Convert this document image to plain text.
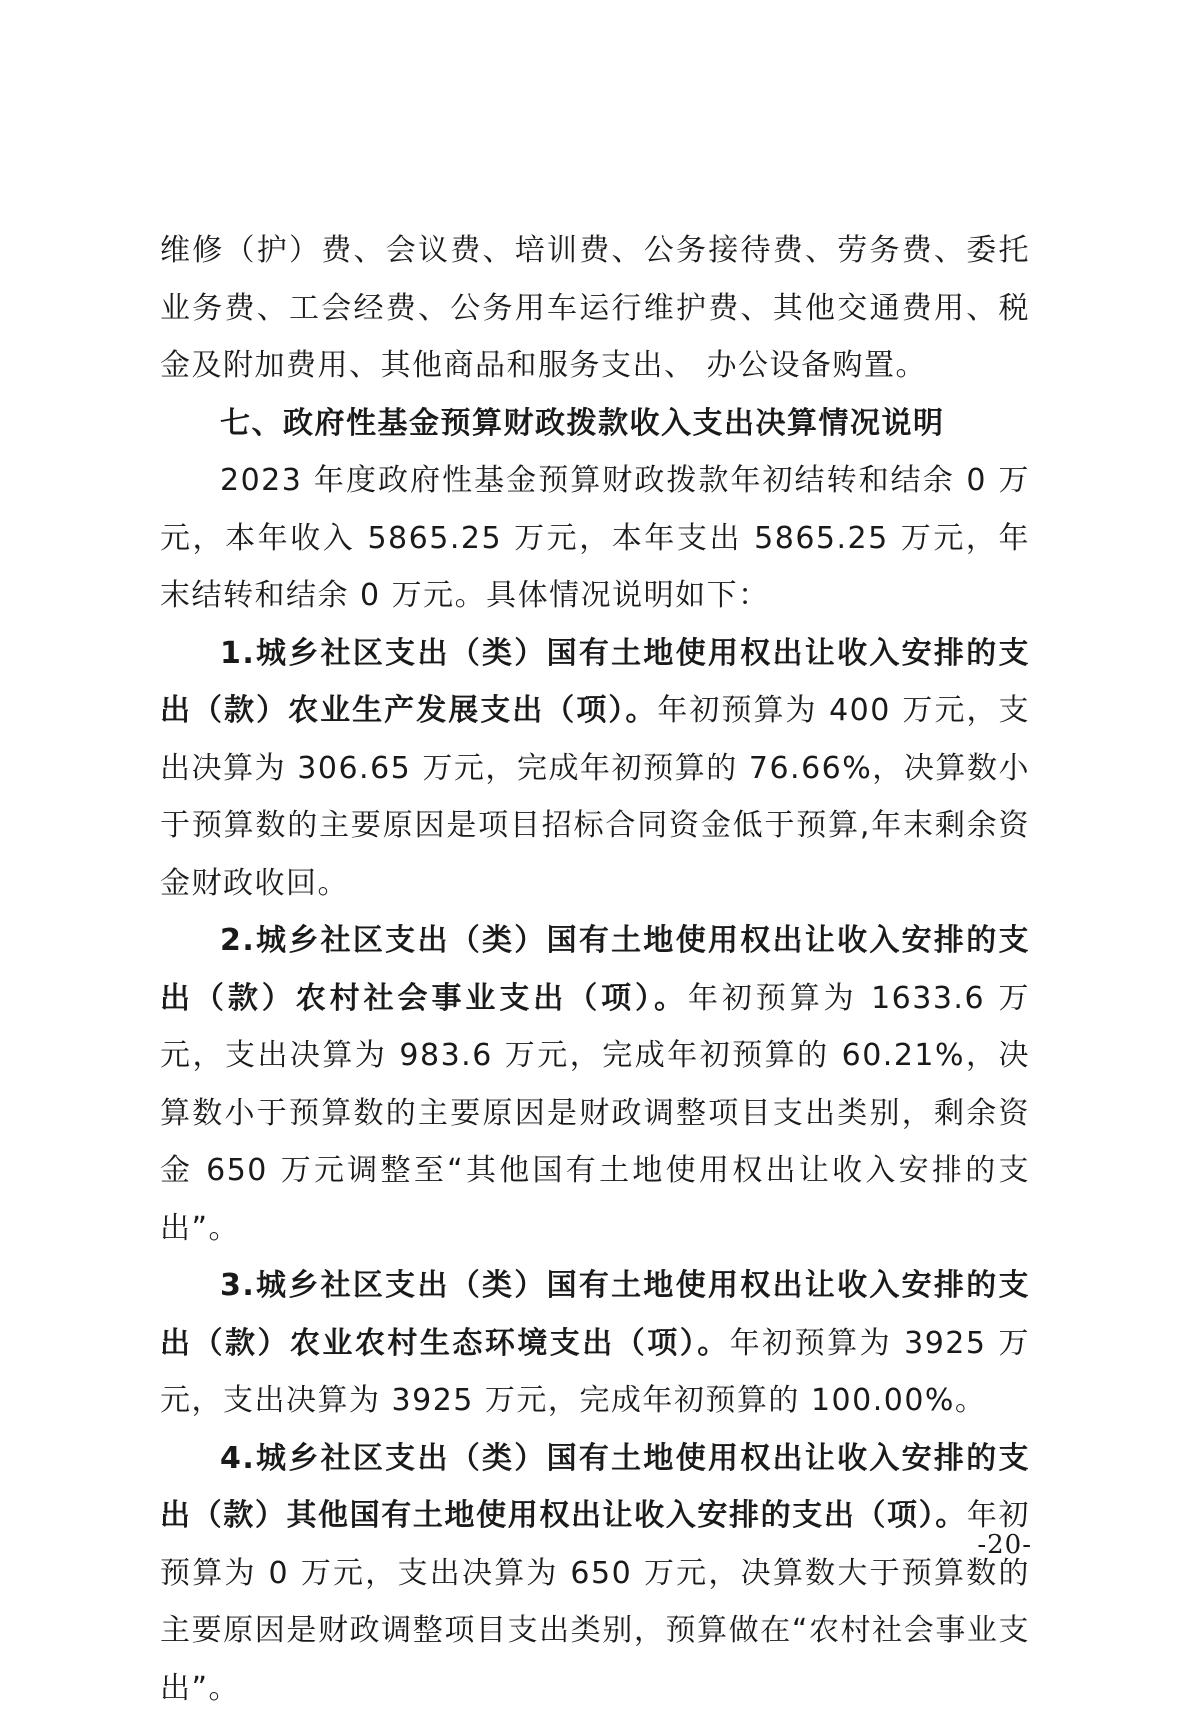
维修（护）费、会议费、培训费、公务接待费、劳务费、委托业务费、工会经费、公务用车运行维护费、其他交通费用、税金及附加费用、其他商品和服务支出、 办公设备购置。

七、政府性基金预算财政拨款收入支出决算情况说明

2023 年度政府性基金预算财政拨款年初结转和结余 0 万元，本年收入 5865.25 万元，本年支出 5865.25 万元，年末结转和结余 0 万元。具体情况说明如下：

1.城乡社区支出（类）国有土地使用权出让收入安排的支出（款）农业生产发展支出（项）。年初预算为 400 万元，支出决算为 306.65 万元，完成年初预算的 76.66%，决算数小于预算数的主要原因是项目招标合同资金低于预算,年末剩余资金财政收回。

2.城乡社区支出（类）国有土地使用权出让收入安排的支出（款）农村社会事业支出（项）。年初预算为 1633.6 万元，支出决算为 983.6 万元，完成年初预算的 60.21%，决算数小于预算数的主要原因是财政调整项目支出类别，剩余资金 650 万元调整至“其他国有土地使用权出让收入安排的支出”。

3.城乡社区支出（类）国有土地使用权出让收入安排的支出（款）农业农村生态环境支出（项）。年初预算为 3925 万元，支出决算为 3925 万元，完成年初预算的 100.00%。

4.城乡社区支出（类）国有土地使用权出让收入安排的支出（款）其他国有土地使用权出让收入安排的支出（项）。年初预算为 0 万元，支出决算为 650 万元，决算数大于预算数的主要原因是财政调整项目支出类别，预算做在“农村社会事业支出”。

-20-
